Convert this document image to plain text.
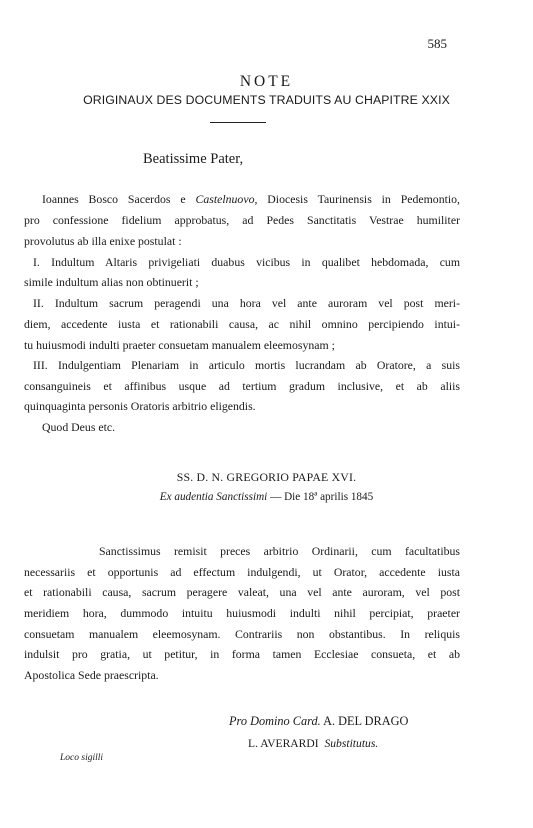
585
NOTE
ORIGINAUX DES DOCUMENTS TRADUITS AU CHAPITRE XXIX
Beatissime Pater,
Ioannes Bosco Sacerdos e Castelnuovo, Diocesis Taurinensis in Pedemontio,
pro confessione fidelium approbatus, ad Pedes Sanctitatis Vestrae humiliter
provolutus ab illa enixe postulat :
I. Indultum Altaris privigeliati duabus vicibus in qualibet hebdomada, cum
simile indultum alias non obtinuerit ;
II. Indultum sacrum peragendi una hora vel ante auroram vel post meri-
diem, accedente iusta et rationabili causa, ac nihil omnino percipiendo intui-
tu huiusmodi indulti praeter consuetam manualem eleemosynam ;
III. Indulgentiam Plenariam in articulo mortis lucrandam ab Oratore, a suis
consanguineis et affinibus usque ad tertium gradum inclusive, et ab aliis
quinquaginta personis Oratoris arbitrio eligendis.
Quod Deus etc.
SS. D. N. GREGORIO PAPAE XVI.
Ex audentia Sanctissimi — Die 18ª aprilis 1845
Sanctissimus remisit preces arbitrio Ordinarii, cum facultatibus
necessariis et opportunis ad effectum indulgendi, ut Orator, accedente iusta
et rationabili causa, sacrum peragere valeat, una vel ante auroram, vel post
meridiem hora, dummodo intuitu huiusmodi indulti nihil percipiat, praeter
consuetam manualem eleemosynam. Contrariis non obstantibus. In reliquis
indulsit pro gratia, ut petitur, in forma tamen Ecclesiae consueta, et ab
Apostolica Sede praescripta.
Pro Domino Card. A. DEL DRAGO
L. AVERARDI Substitutus.
Loco sigilli
